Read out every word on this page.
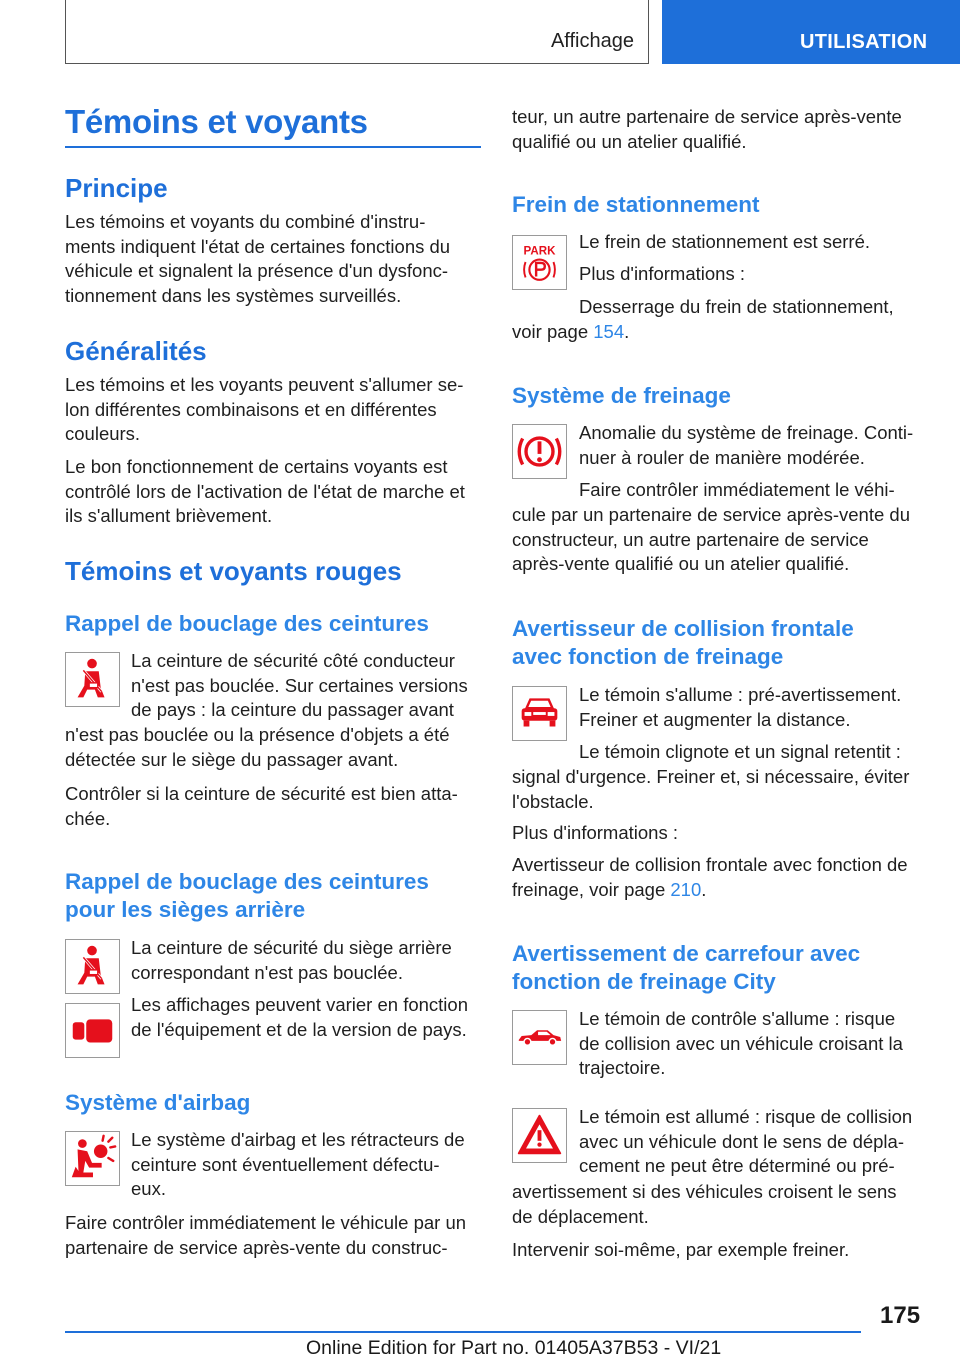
Affichage	UTILISATION
Témoins et voyants
Principe
Les témoins et voyants du combiné d'instru-
ments indiquent l'état de certaines fonctions du
véhicule et signalent la présence d'un dysfonc-
tionnement dans les systèmes surveillés.
Généralités
Les témoins et les voyants peuvent s'allumer se-
lon différentes combinaisons et en différentes
couleurs.
Le bon fonctionnement de certains voyants est
contrôlé lors de l'activation de l'état de marche et
ils s'allument brièvement.
Témoins et voyants rouges
Rappel de bouclage des ceintures
La ceinture de sécurité côté conducteur
n'est pas bouclée. Sur certaines versions
de pays : la ceinture du passager avant
n'est pas bouclée ou la présence d'objets a été
détectée sur le siège du passager avant.
Contrôler si la ceinture de sécurité est bien atta-
chée.
Rappel de bouclage des ceintures
pour les sièges arrière
La ceinture de sécurité du siège arrière
correspondant n'est pas bouclée.
Les affichages peuvent varier en fonction
de l'équipement et de la version de pays.
Système d'airbag
Le système d'airbag et les rétracteurs de
ceinture sont éventuellement défectu-
eux.
Faire contrôler immédiatement le véhicule par un
partenaire de service après-vente du construc-
teur, un autre partenaire de service après-vente
qualifié ou un atelier qualifié.
Frein de stationnement
PARK Le frein de stationnement est serré.
Plus d'informations :
Desserrage du frein de stationnement,
voir page 154.
Système de freinage
Anomalie du système de freinage. Conti-
nuer à rouler de manière modérée.
Faire contrôler immédiatement le véhi-
cule par un partenaire de service après-vente du
constructeur, un autre partenaire de service
après-vente qualifié ou un atelier qualifié.
Avertisseur de collision frontale
avec fonction de freinage
Le témoin s'allume : pré-avertissement.
Freiner et augmenter la distance.
Le témoin clignote et un signal retentit :
signal d'urgence. Freiner et, si nécessaire, éviter
l'obstacle.
Plus d'informations :
Avertisseur de collision frontale avec fonction de
freinage, voir page 210.
Avertissement de carrefour avec
fonction de freinage City
Le témoin de contrôle s'allume : risque
de collision avec un véhicule croisant la
trajectoire.
Le témoin est allumé : risque de collision
avec un véhicule dont le sens de dépla-
cement ne peut être déterminé ou pré-
avertissement si des véhicules croisent le sens
de déplacement.
Intervenir soi-même, par exemple freiner.
175
Online Edition for Part no. 01405A37B53 - VI/21
